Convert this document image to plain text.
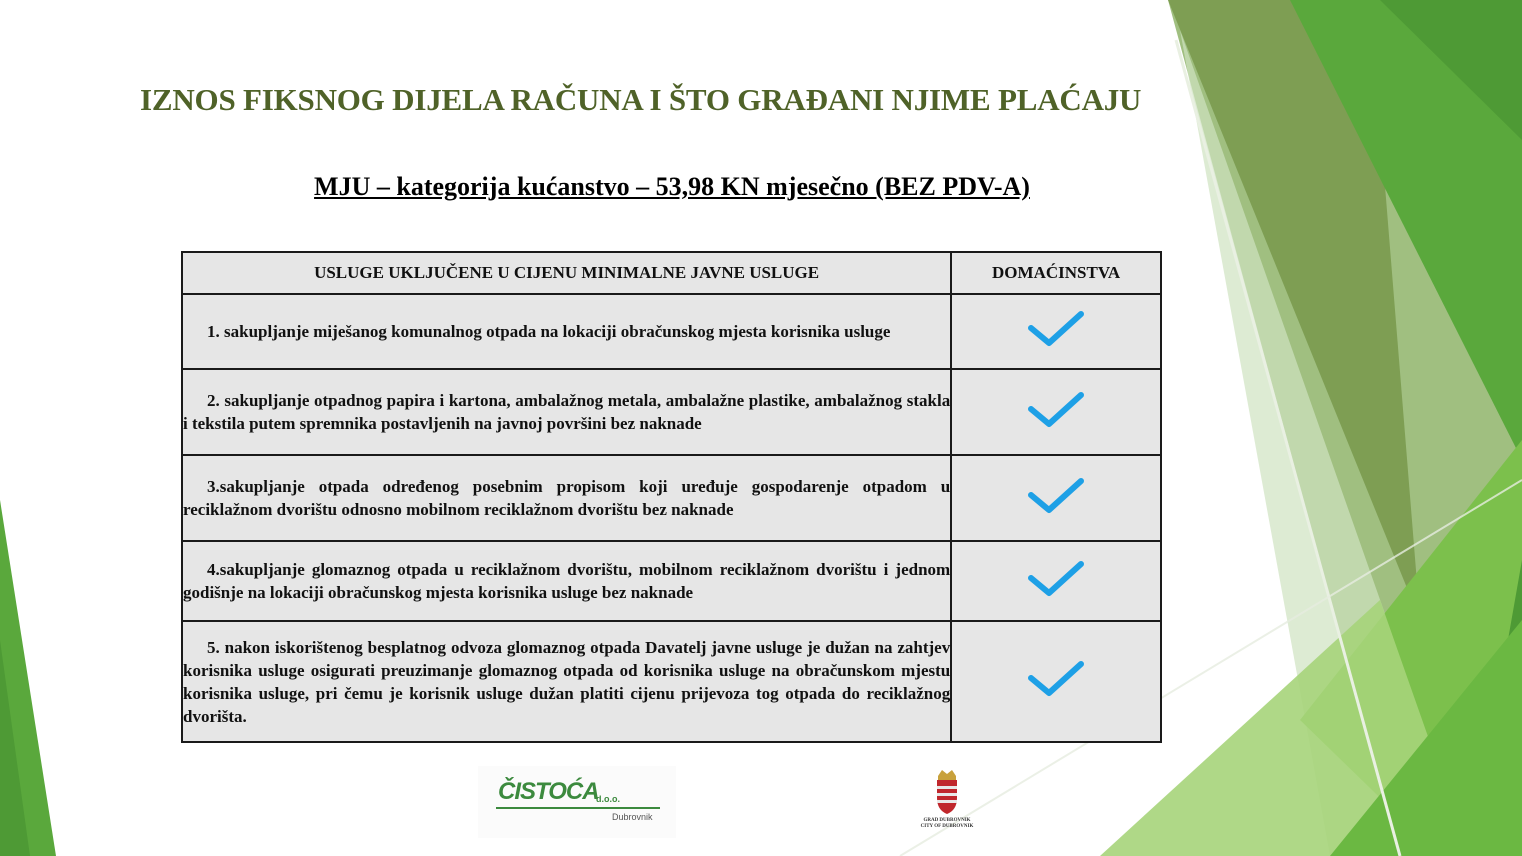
IZNOS FIKSNOG DIJELA RAČUNA I ŠTO GRAĐANI NJIME PLAĆAJU
MJU – kategorija kućanstvo – 53,98 KN mjesečno (BEZ PDV-A)
USLUGE UKLJUČENE U CIJENU MINIMALNE JAVNE USLUGE	DOMAĆINSTVA

1. sakupljanje miješanog komunalnog otpada na lokaciji obračunskog mjesta korisnika usluge

2. sakupljanje otpadnog papira i kartona, ambalažnog metala, ambalažne plastike, ambalažnog stakla i tekstila putem spremnika postavljenih na javnoj površini bez naknade

3.sakupljanje otpada određenog posebnim propisom koji uređuje gospodarenje otpadom u reciklažnom dvorištu odnosno mobilnom reciklažnom dvorištu bez naknade

4.sakupljanje glomaznog otpada u reciklažnom dvorištu, mobilnom reciklažnom dvorištu i jednom godišnje na lokaciji obračunskog mjesta korisnika usluge bez naknade

5. nakon iskorištenog besplatnog odvoza glomaznog otpada Davatelj javne usluge je dužan na zahtjev korisnika usluge osigurati preuzimanje glomaznog otpada od korisnika usluge na obračunskom mjestu korisnika usluge, pri čemu je korisnik usluge dužan platiti cijenu prijevoza tog otpada do reciklažnog dvorišta.

ČISTOĆA
d.o.o.
Dubrovnik	GRAD DUBROVNIK
CITY OF DUBROVNIK
